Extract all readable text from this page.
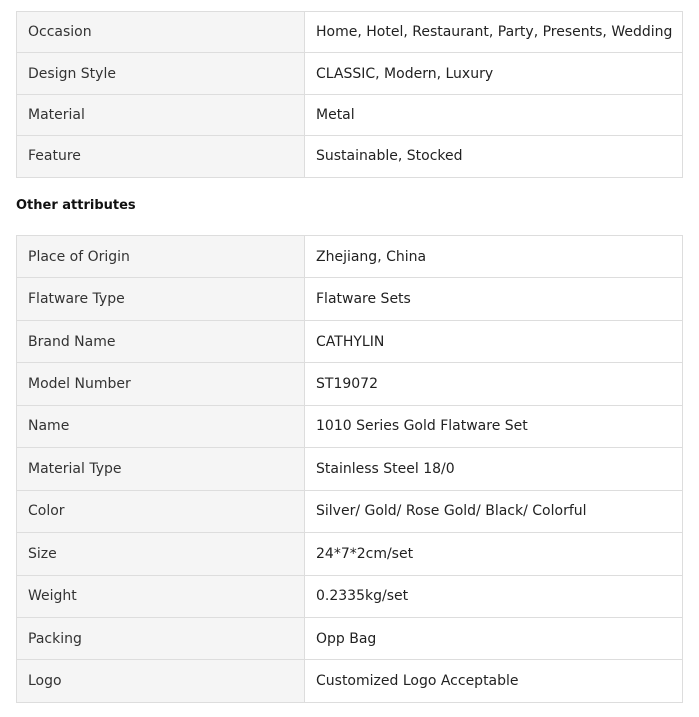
Occasion	Home, Hotel, Restaurant, Party, Presents, Wedding
Design Style	CLASSIC, Modern, Luxury
Material	Metal
Feature	Sustainable, Stocked
Other attributes
Place of Origin	Zhejiang, China
Flatware Type	Flatware Sets
Brand Name	CATHYLIN
Model Number	ST19072
Name	1010 Series Gold Flatware Set
Material Type	Stainless Steel 18/0
Color	Silver/ Gold/ Rose Gold/ Black/ Colorful
Size	24*7*2cm/set
Weight	0.2335kg/set
Packing	Opp Bag
Logo	Customized Logo Acceptable
